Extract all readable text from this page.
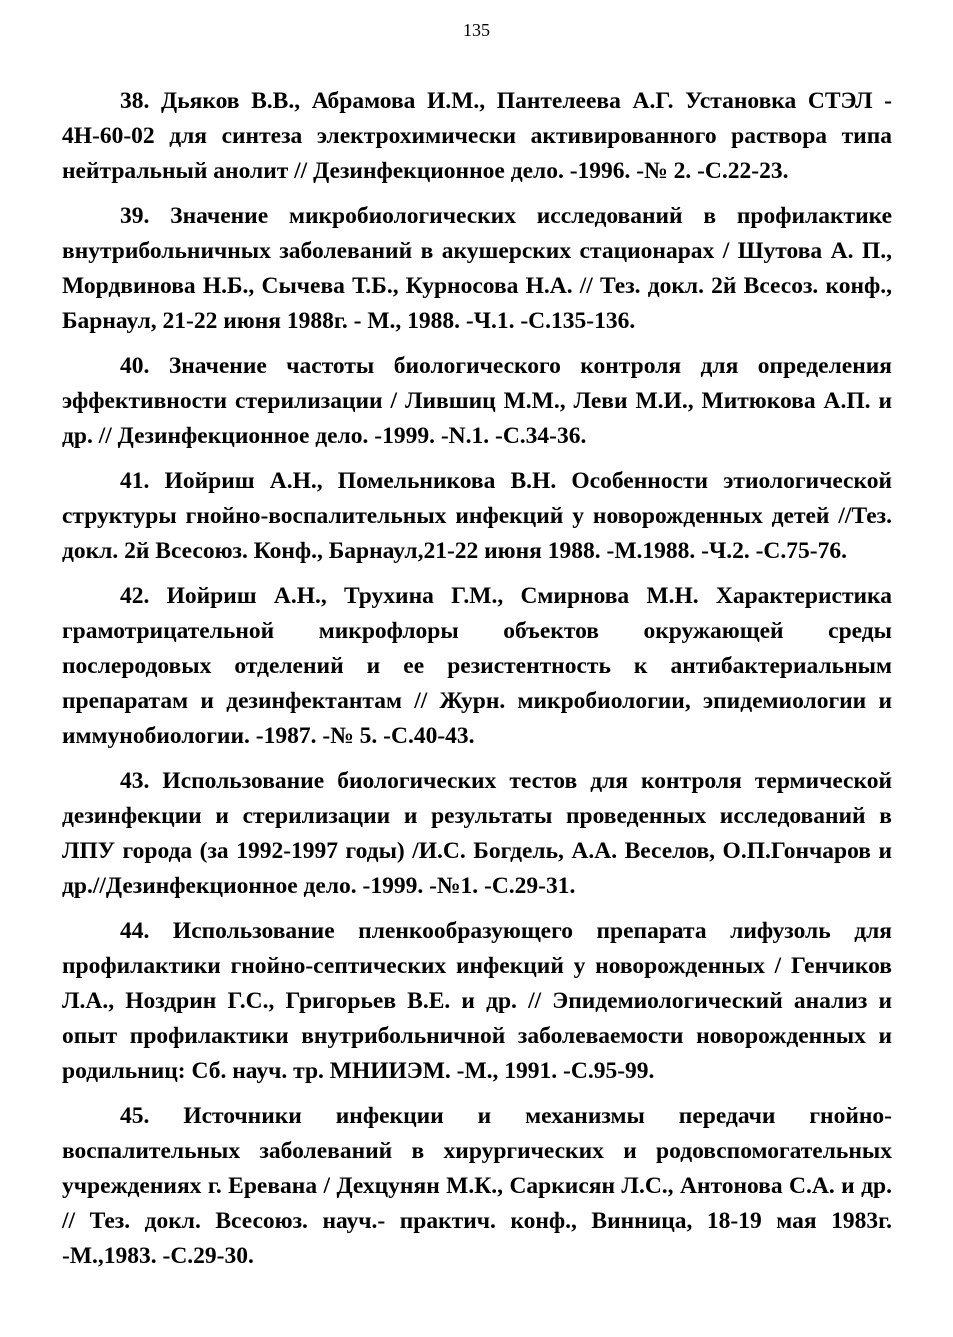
135

38. Дьяков В.В., Абрамова И.М., Пантелеева А.Г. Установка СТЭЛ - 4Н-60-02 для синтеза электрохимически активированного раствора типа нейтральный анолит // Дезинфекционное дело. -1996. -№ 2. -С.22-23.

39. Значение микробиологических исследований в профилактике внутрибольничных заболеваний в акушерских стационарах / Шутова А. П., Мордвинова Н.Б., Сычева Т.Б., Курносова Н.А. // Тез. докл. 2й Всесоз. конф., Барнаул, 21-22 июня 1988г. - М., 1988. -Ч.1. -С.135-136.

40. Значение частоты биологического контроля для определения эффективности стерилизации / Лившиц М.М., Леви М.И., Митюкова А.П. и др. // Дезинфекционное дело. -1999. -N.1. -С.34-36.

41. Иойриш А.Н., Помельникова В.Н. Особенности этиологической структуры гнойно-воспалительных инфекций у новорожденных детей //Тез. докл. 2й Всесоюз. Конф., Барнаул,21-22 июня 1988. -М.1988. -Ч.2. -С.75-76.

42. Иойриш А.Н., Трухина Г.М., Смирнова М.Н. Характеристика грамотрицательной микрофлоры объектов окружающей среды послеродовых отделений и ее резистентность к антибактериальным препаратам и дезинфектантам // Журн. микробиологии, эпидемиологии и иммунобиологии. -1987. -№ 5. -С.40-43.

43. Использование биологических тестов для контроля термической дезинфекции и стерилизации и результаты проведенных исследований в ЛПУ города (за 1992-1997 годы) /И.С. Богдель, А.А. Веселов, О.П.Гончаров и др.//Дезинфекционное дело. -1999. -№1. -С.29-31.

44. Использование пленкообразующего препарата лифузоль для профилактики гнойно-септических инфекций у новорожденных / Генчиков Л.А., Ноздрин Г.С., Григорьев В.Е. и др. // Эпидемиологический анализ и опыт профилактики внутрибольничной заболеваемости новорожденных и родильниц: Сб. науч. тр. МНИИЭМ. -М., 1991. -С.95-99.

45. Источники инфекции и механизмы передачи гнойно-воспалительных заболеваний в хирургических и родовспомогательных учреждениях г. Еревана / Дехцунян М.К., Саркисян Л.С., Антонова С.А. и др. // Тез. докл. Всесоюз. науч.- практич. конф., Винница, 18-19 мая 1983г. -М.,1983. -С.29-30.
